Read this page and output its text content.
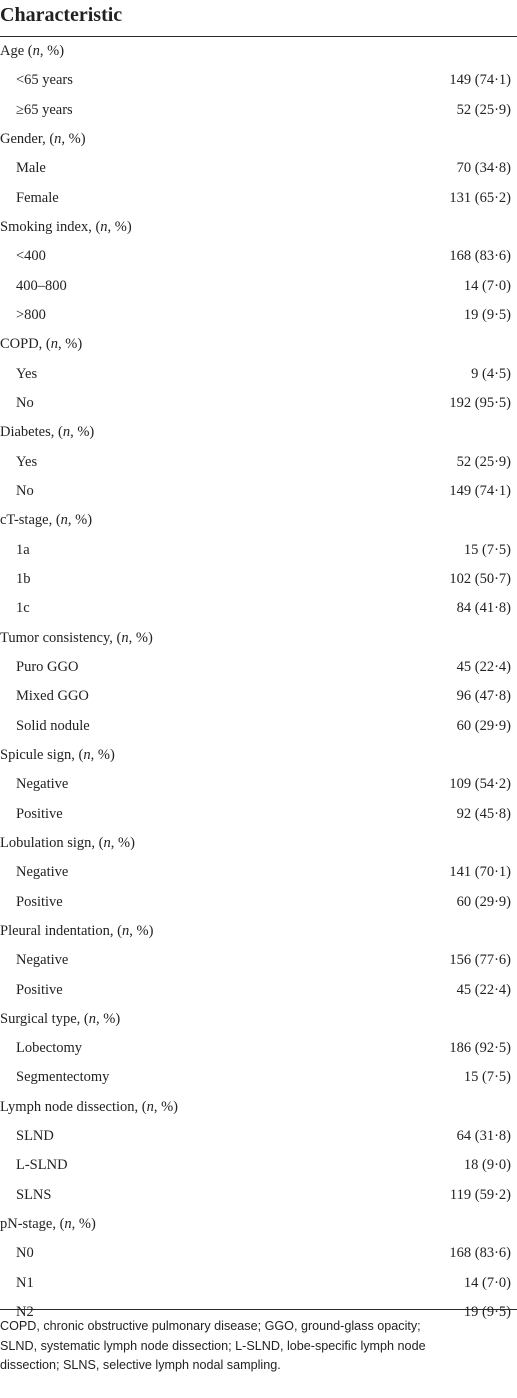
Characteristic
Age (n, %)
<65 years	149 (74·1)
≥65 years	52 (25·9)
Gender, (n, %)
Male	70 (34·8)
Female	131 (65·2)
Smoking index, (n, %)
<400	168 (83·6)
400–800	14 (7·0)
>800	19 (9·5)
COPD, (n, %)
Yes	9 (4·5)
No	192 (95·5)
Diabetes, (n, %)
Yes	52 (25·9)
No	149 (74·1)
cT-stage, (n, %)
1a	15 (7·5)
1b	102 (50·7)
1c	84 (41·8)
Tumor consistency, (n, %)
Puro GGO	45 (22·4)
Mixed GGO	96 (47·8)
Solid nodule	60 (29·9)
Spicule sign, (n, %)
Negative	109 (54·2)
Positive	92 (45·8)
Lobulation sign, (n, %)
Negative	141 (70·1)
Positive	60 (29·9)
Pleural indentation, (n, %)
Negative	156 (77·6)
Positive	45 (22·4)
Surgical type, (n, %)
Lobectomy	186 (92·5)
Segmentectomy	15 (7·5)
Lymph node dissection, (n, %)
SLND	64 (31·8)
L-SLND	18 (9·0)
SLNS	119 (59·2)
pN-stage, (n, %)
N0	168 (83·6)
N1	14 (7·0)
N2	19 (9·5)
COPD, chronic obstructive pulmonary disease; GGO, ground-glass opacity;
SLND, systematic lymph node dissection; L-SLND, lobe-specific lymph node
dissection; SLNS, selective lymph nodal sampling.
